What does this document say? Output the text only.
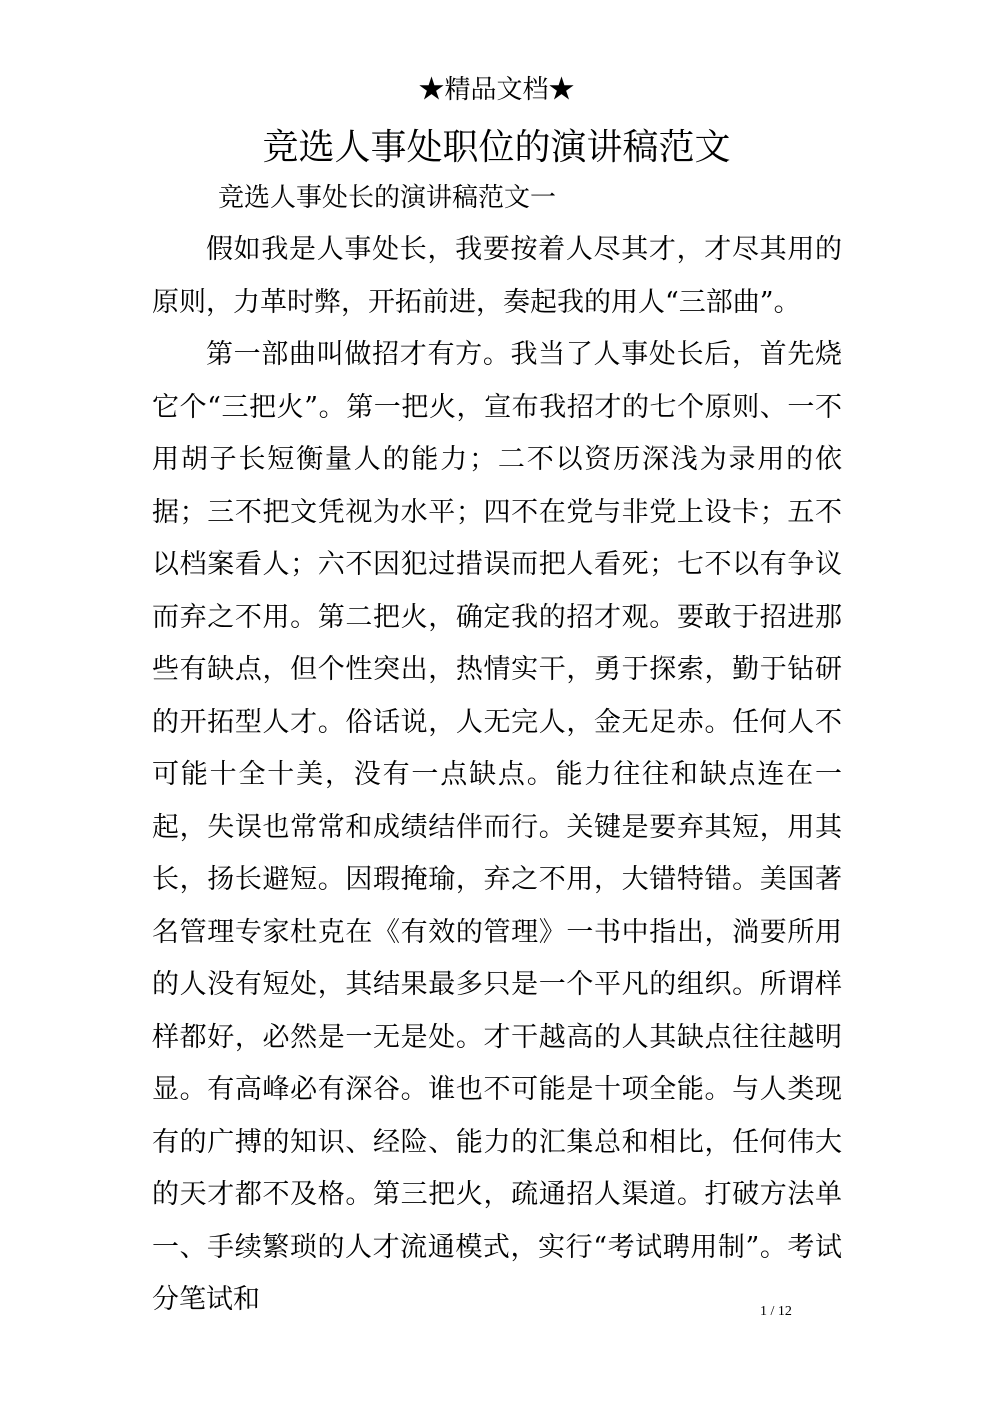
★精品文档★
竞选人事处职位的演讲稿范文
竞选人事处长的演讲稿范文一

假如我是人事处长，我要按着人尽其才，才尽其用的原则，力革时弊，开拓前进，奏起我的用人“三部曲”。

第一部曲叫做招才有方。我当了人事处长后，首先烧它个“三把火”。第一把火，宣布我招才的七个原则、一不用胡子长短衡量人的能力；二不以资历深浅为录用的依据；三不把文凭视为水平；四不在党与非党上设卡；五不以档案看人；六不因犯过措误而把人看死；七不以有争议而弃之不用。第二把火，确定我的招才观。要敢于招进那些有缺点，但个性突出，热情实干，勇于探索，勤于钻研的开拓型人才。俗话说，人无完人，金无足赤。任何人不可能十全十美，没有一点缺点。能力往往和缺点连在一起，失误也常常和成绩结伴而行。关键是要弃其短，用其长，扬长避短。因瑕掩瑜，弃之不用，大错特错。美国著名管理专家杜克在《有效的管理》一书中指出，淌要所用的人没有短处，其结果最多只是一个平凡的组织。所谓样样都好，必然是一无是处。才干越高的人其缺点往往越明显。有高峰必有深谷。谁也不可能是十项全能。与人类现有的广搏的知识、经险、能力的汇集总和相比，任何伟大的天才都不及格。第三把火，疏通招人渠道。打破方法单一、手续繁琐的人才流通模式，实行“考试聘用制”。考试分笔试和	1 / 12
